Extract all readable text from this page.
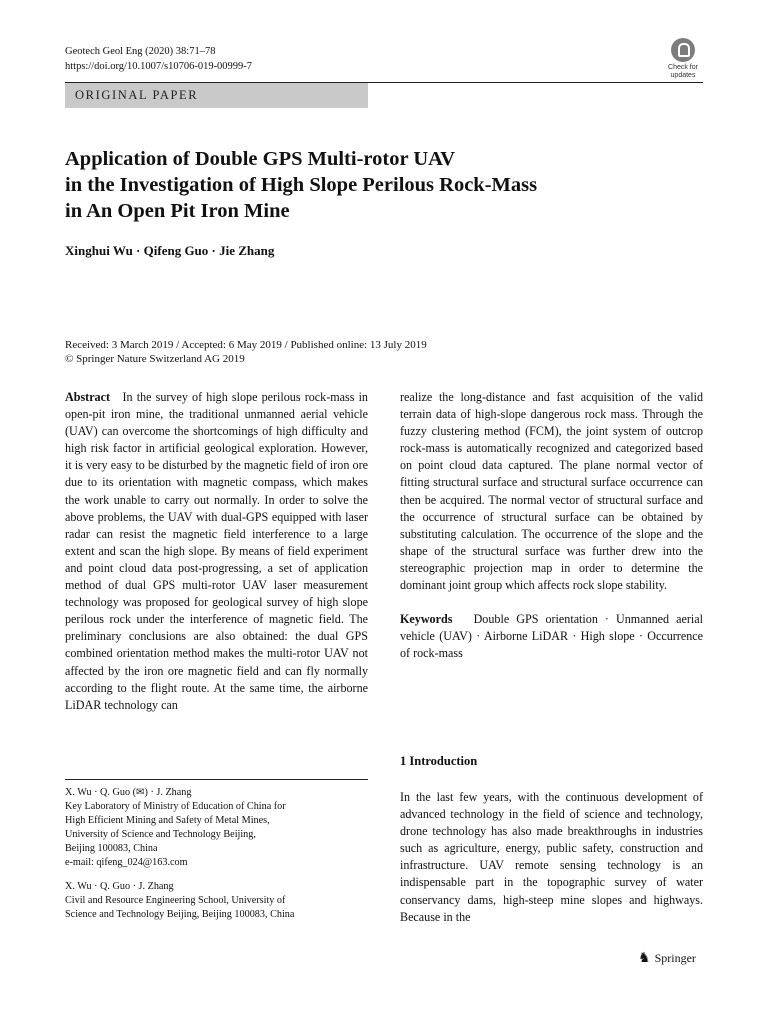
Geotech Geol Eng (2020) 38:71–78
https://doi.org/10.1007/s10706-019-00999-7	Check for
updates
ORIGINAL PAPER
Application of Double GPS Multi-rotor UAV
in the Investigation of High Slope Perilous Rock-Mass
in An Open Pit Iron Mine
Xinghui Wu · Qifeng Guo · Jie Zhang
Received: 3 March 2019 / Accepted: 6 May 2019 / Published online: 13 July 2019
© Springer Nature Switzerland AG 2019
Abstract In the survey of high slope perilous rock-mass in open-pit iron mine, the traditional unmanned aerial vehicle (UAV) can overcome the shortcomings of high difficulty and high risk factor in artificial geological exploration. However, it is very easy to be disturbed by the magnetic field of iron ore due to its orientation with magnetic compass, which makes the work unable to carry out normally. In order to solve the above problems, the UAV with dual-GPS equipped with laser radar can resist the magnetic field interference to a large extent and scan the high slope. By means of field experiment and point cloud data post-progressing, a set of application method of dual GPS multi-rotor UAV laser measurement technology was proposed for geological survey of high slope perilous rock under the interference of magnetic field. The preliminary conclusions are also obtained: the dual GPS combined orientation method makes the multi-rotor UAV not affected by the iron ore magnetic field and can fly normally according to the flight route. At the same time, the airborne LiDAR technology can
realize the long-distance and fast acquisition of the valid terrain data of high-slope dangerous rock mass. Through the fuzzy clustering method (FCM), the joint system of outcrop rock-mass is automatically recognized and categorized based on point cloud data captured. The plane normal vector of fitting structural surface and structural surface occurrence can then be acquired. The normal vector of structural surface and the occurrence of structural surface can be obtained by substituting calculation. The occurrence of the slope and the shape of the structural surface was further drew into the stereographic projection map in order to determine the dominant joint group which affects rock slope stability.
Keywords Double GPS orientation · Unmanned aerial vehicle (UAV) · Airborne LiDAR · High slope · Occurrence of rock-mass
1 Introduction
In the last few years, with the continuous development of advanced technology in the field of science and technology, drone technology has also made breakthroughs in industries such as agriculture, energy, public safety, construction and infrastructure. UAV remote sensing technology is an indispensable part in the topographic survey of water conservancy dams, high-steep mine slopes and highways. Because in the
X. Wu · Q. Guo (✉) · J. Zhang
Key Laboratory of Ministry of Education of China for
High Efficient Mining and Safety of Metal Mines,
University of Science and Technology Beijing,
Beijing 100083, China
e-mail: qifeng_024@163.com
X. Wu · Q. Guo · J. Zhang
Civil and Resource Engineering School, University of
Science and Technology Beijing, Beijing 100083, China
♞ Springer
